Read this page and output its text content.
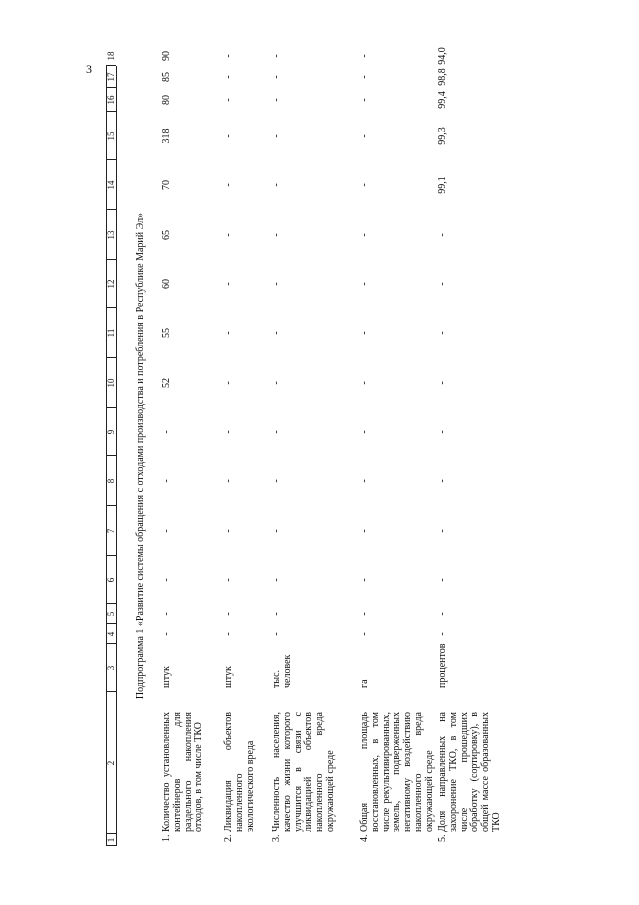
3
1
2
3
4
5
6
7
8
9
10
11
12
13
14
15
16
17
18
Подпрограмма 1 «Развитие системы обращения с отходами производства и потребления в Республике Марий Эл»
1.
Количество установленных контейнеров для раздельного накопления отходов, в том числе ТКО
штук
-
-
-
-
-
-
52
55
60
65
70
318
80
85
90
2.
Ликвидация объектов накопленного экологического вреда
штук
-
-
-
-
-
-
-
-
-
-
-
-
-
-
-
3.
Численность населения, качество жизни которого улучшится в связи с ликвидацией объектов накопленного вреда окружающей среде
тыс. человек
-
-
-
-
-
-
-
-
-
-
-
-
-
-
-
4.
Общая площадь восстановленных, в том числе рекультивированных, земель, подверженных негативному воздействию накопленного вреда окружающей среде
га
-
-
-
-
-
-
-
-
-
-
-
-
-
-
-
5.
Доля направленных на захоронение ТКО, в том числе прошедших обработку (сортировку), в общей массе образованных ТКО
процентов
-
-
-
-
-
-
-
-
-
-
99,1
99,3
99,4
98,8
94,0
